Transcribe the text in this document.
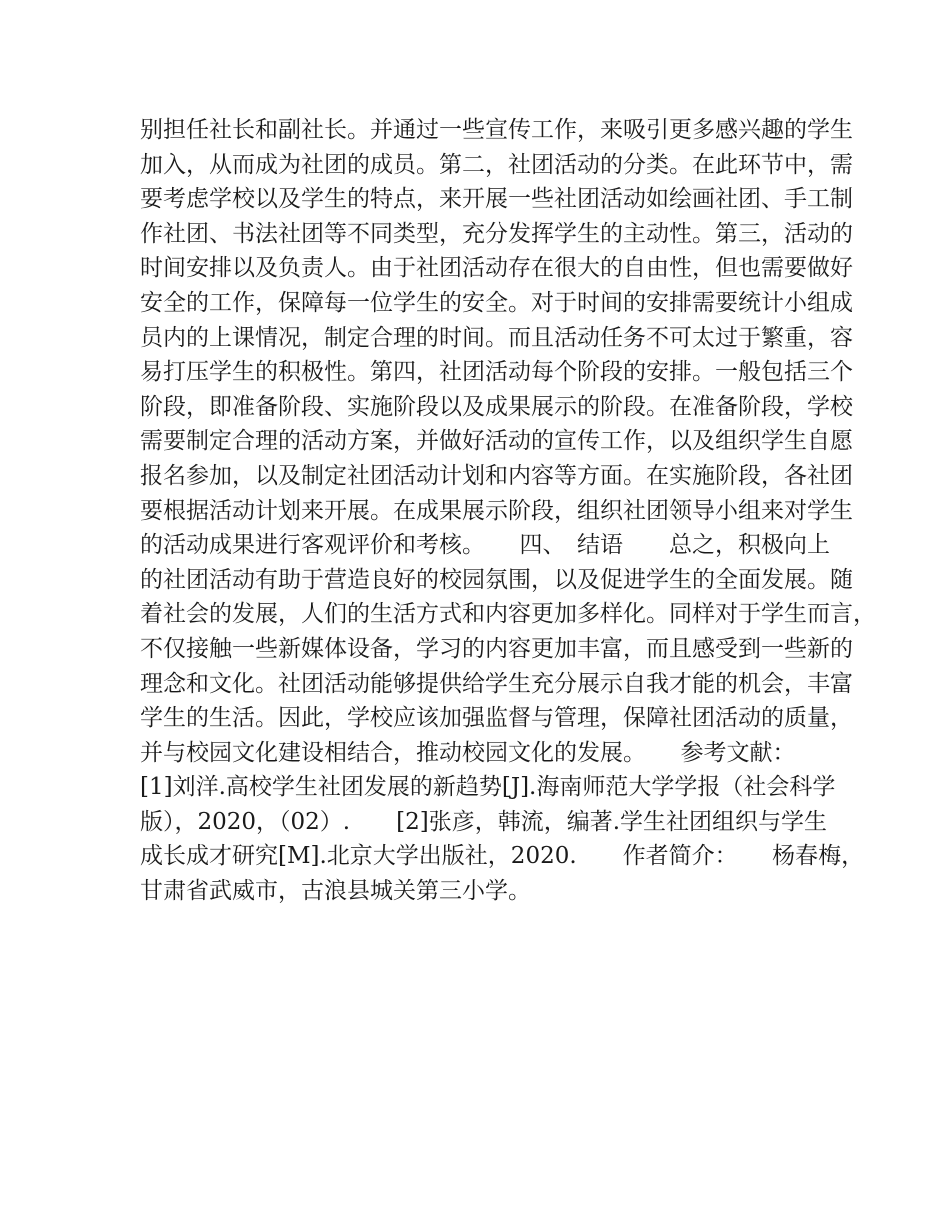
别担任社长和副社长。并通过一些宣传工作，来吸引更多感兴趣的学生
加入，从而成为社团的成员。第二，社团活动的分类。在此环节中，需
要考虑学校以及学生的特点，来开展一些社团活动如绘画社团、手工制
作社团、书法社团等不同类型，充分发挥学生的主动性。第三，活动的
时间安排以及负责人。由于社团活动存在很大的自由性，但也需要做好
安全的工作，保障每一位学生的安全。对于时间的安排需要统计小组成
员内的上课情况，制定合理的时间。而且活动任务不可太过于繁重，容
易打压学生的积极性。第四，社团活动每个阶段的安排。一般包括三个
阶段，即准备阶段、实施阶段以及成果展示的阶段。在准备阶段，学校
需要制定合理的活动方案，并做好活动的宣传工作，以及组织学生自愿
报名参加，以及制定社团活动计划和内容等方面。在实施阶段，各社团
要根据活动计划来开展。在成果展示阶段，组织社团领导小组来对学生
的活动成果进行客观评价和考核。　　四、　结语　　总之，积极向上
的社团活动有助于营造良好的校园氛围，以及促进学生的全面发展。随
着社会的发展，人们的生活方式和内容更加多样化。同样对于学生而言，
不仅接触一些新媒体设备，学习的内容更加丰富，而且感受到一些新的
理念和文化。社团活动能够提供给学生充分展示自我才能的机会，丰富
学生的生活。因此，学校应该加强监督与管理，保障社团活动的质量，
并与校园文化建设相结合，推动校园文化的发展。　　参考文献：
[1]刘洋.高校学生社团发展的新趋势[J].海南师范大学学报（社会科学
版），2020，（02）.　　[2]张彦，韩流，编著.学生社团组织与学生
成长成才研究[M].北京大学出版社，2020.　　作者简介：　　杨春梅，
甘肃省武威市，古浪县城关第三小学。
